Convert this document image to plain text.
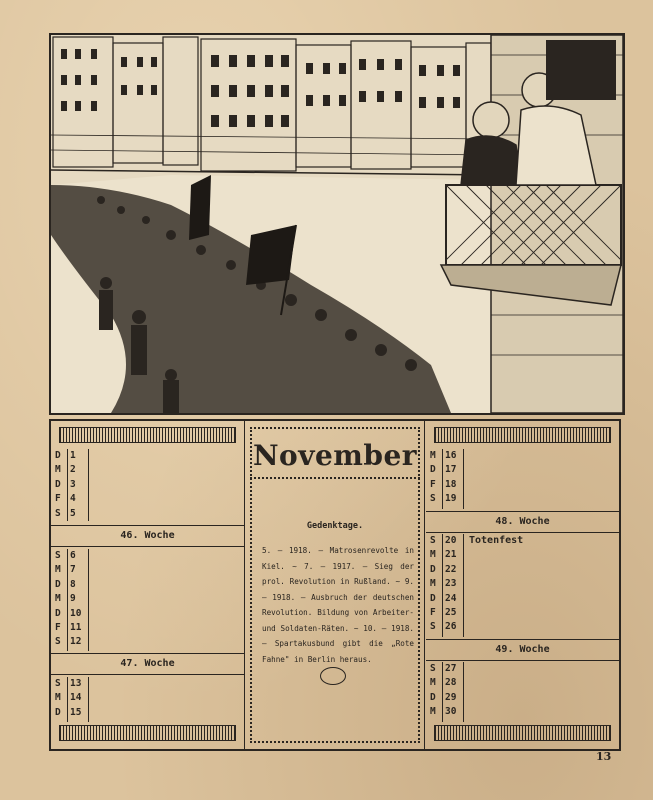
D 1
M 2
D 3
F 4
S 5
46. Woche
S 6
M 7
D 8
M 9
D 10
F 11
S 12
47. Woche
S 13
M 14
D 15
November
Gedenktage.
5. — 1918. — Matrosenrevolte in Kiel. ~ 7. — 1917. — Sieg der prol. Revolution in Rußland. ~ 9. — 1918. — Ausbruch der deutschen Revolution. Bildung von Arbeiter- und Soldaten-Räten. ~ 10. — 1918. — Spartakusbund gibt die „Rote Fahne" in Berlin heraus.
M 16
D 17
F 18
S 19
48. Woche
S 20	Totenfest
M 21
D 22
M 23
D 24
F 25
S 26
49. Woche
S 27
M 28
D 29
M 30
13
